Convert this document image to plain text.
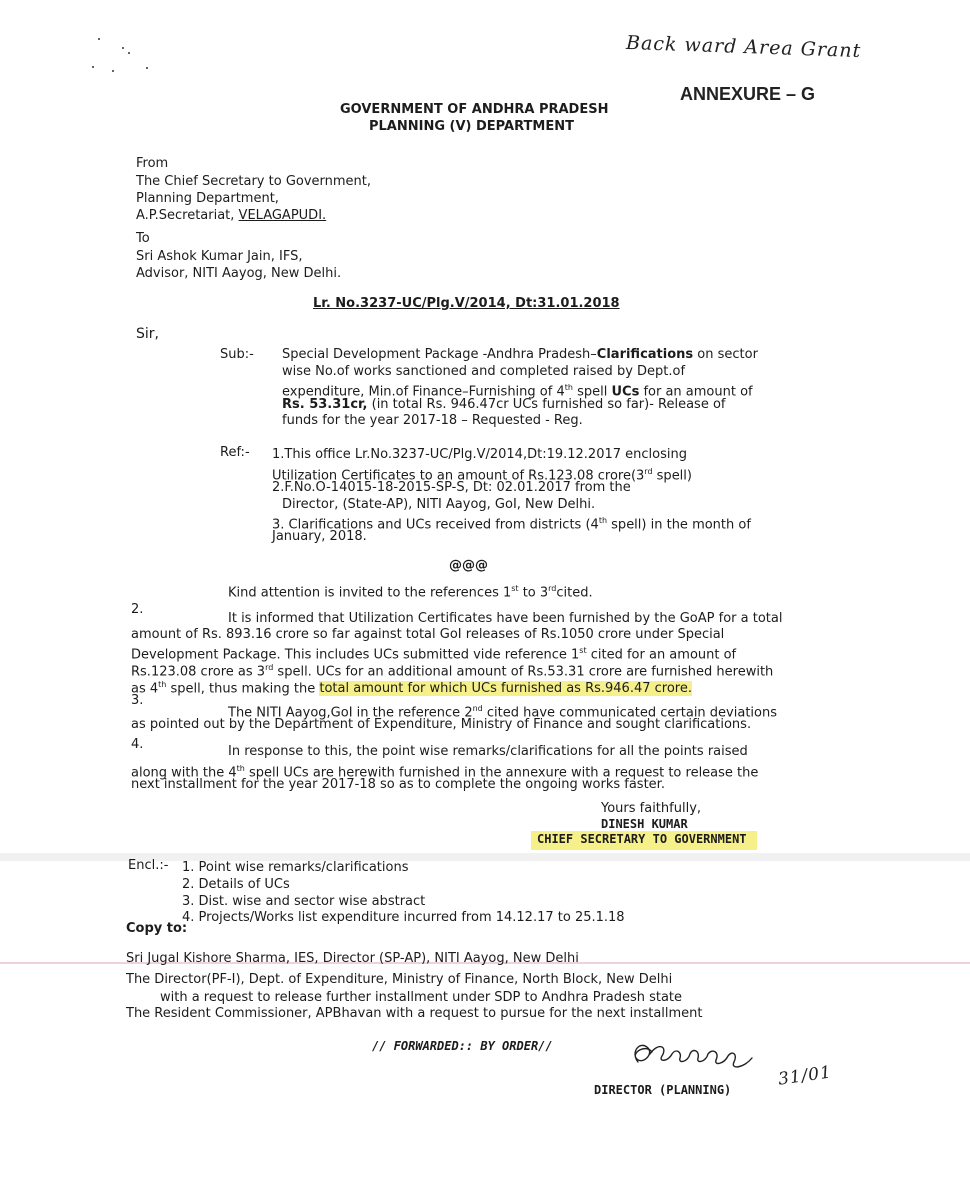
Back ward Area Grant
ANNEXURE – G
GOVERNMENT OF ANDHRA PRADESH
PLANNING (V) DEPARTMENT
From
The Chief Secretary to Government,
Planning Department,
A.P.Secretariat, VELAGAPUDI.
To
Sri Ashok Kumar Jain, IFS,
Advisor, NITI Aayog, New Delhi.
Lr. No.3237-UC/Plg.V/2014, Dt:31.01.2018
Sir,
Sub:- Special Development Package -Andhra Pradesh–Clarifications on sector
wise No.of works sanctioned and completed raised by Dept.of
expenditure, Min.of Finance–Furnishing of 4th spell UCs for an amount of
Rs. 53.31cr, (in total Rs. 946.47cr UCs furnished so far)- Release of
funds for the year 2017-18 – Requested - Reg.
Ref:- 1.This office Lr.No.3237-UC/Plg.V/2014,Dt:19.12.2017 enclosing
Utilization Certificates to an amount of Rs.123.08 crore(3rd spell)
2.F.No.O-14015-18-2015-SP-S, Dt: 02.01.2017 from the
Director, (State-AP), NITI Aayog, GoI, New Delhi.
3. Clarifications and UCs received from districts (4th spell) in the month of
January, 2018.
@@@
Kind attention is invited to the references 1st to 3rdcited.
2.
It is informed that Utilization Certificates have been furnished by the GoAP for a total
amount of Rs. 893.16 crore so far against total GoI releases of Rs.1050 crore under Special
Development Package. This includes UCs submitted vide reference 1st cited for an amount of
Rs.123.08 crore as 3rd spell. UCs for an additional amount of Rs.53.31 crore are furnished herewith
as 4th spell, thus making the total amount for which UCs furnished as Rs.946.47 crore.
3.
The NITI Aayog,GoI in the reference 2nd cited have communicated certain deviations
as pointed out by the Department of Expenditure, Ministry of Finance and sought clarifications.
4.	In response to this, the point wise remarks/clarifications for all the points raised
along with the 4th spell UCs are herewith furnished in the annexure with a request to release the
next installment for the year 2017-18 so as to complete the ongoing works faster.
Yours faithfully,
DINESH KUMAR
CHIEF SECRETARY TO GOVERNMENT
Encl.:- 1. Point wise remarks/clarifications
2. Details of UCs
3. Dist. wise and sector wise abstract
4. Projects/Works list expenditure incurred from 14.12.17 to 25.1.18
Copy to:
Sri Jugal Kishore Sharma, IES, Director (SP-AP), NITI Aayog, New Delhi
The Director(PF-I), Dept. of Expenditure, Ministry of Finance, North Block, New Delhi
with a request to release further installment under SDP to Andhra Pradesh state
The Resident Commissioner, APBhavan with a request to pursue for the next installment
// FORWARDED:: BY ORDER//
DIRECTOR (PLANNING)
31/01
